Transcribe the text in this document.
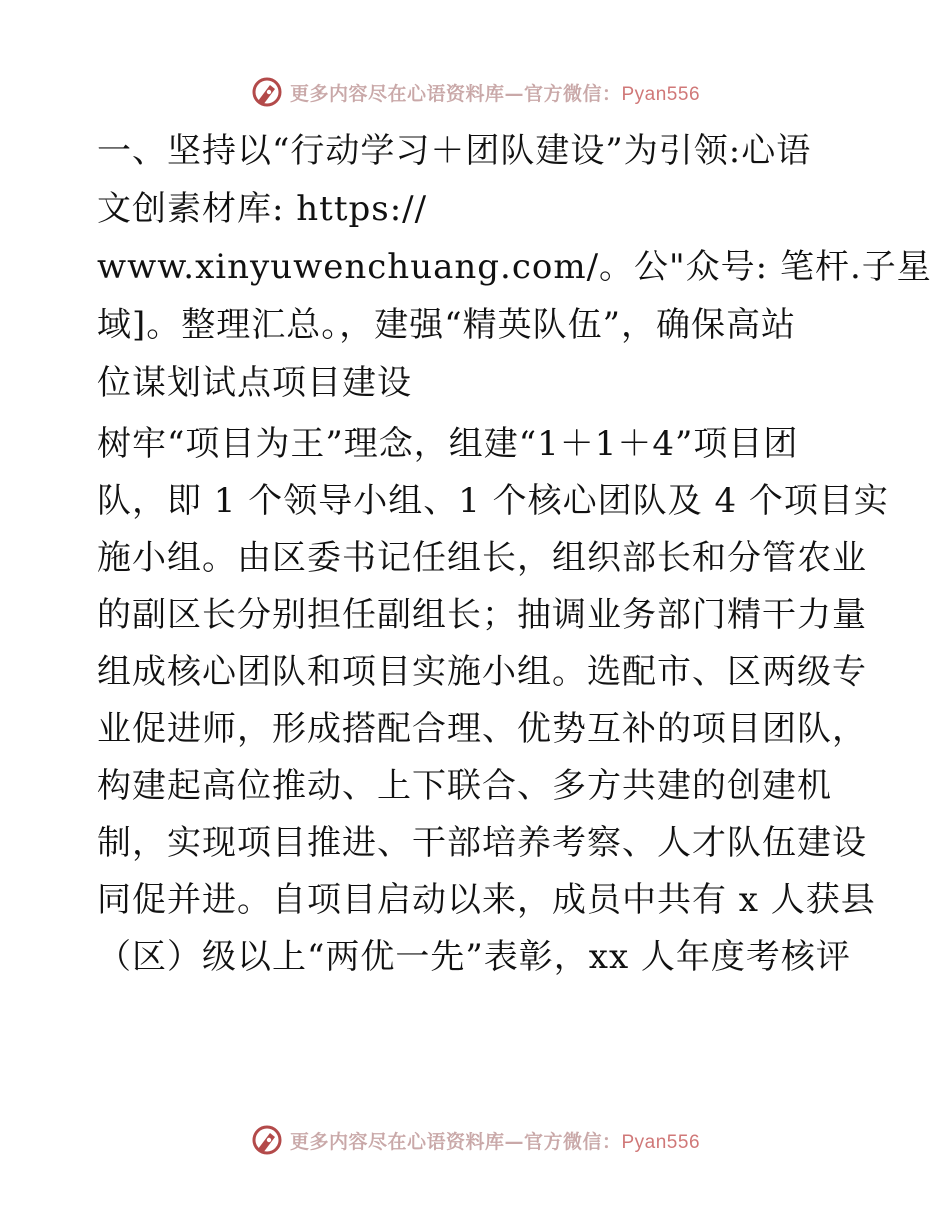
更多内容尽在心语资料库—官方微信：Pyan556
一、坚持以“行动学习＋团队建设”为引领:心语
文创素材库: https://
www.xinyuwenchuang.com/。公"众号: 笔杆.子星
域]。整理汇总。，建强“精英队伍”，确保高站
位谋划试点项目建设
树牢“项目为王”理念，组建“1＋1＋4”项目团
队，即 1 个领导小组、1 个核心团队及 4 个项目实
施小组。由区委书记任组长，组织部长和分管农业
的副区长分别担任副组长；抽调业务部门精干力量
组成核心团队和项目实施小组。选配市、区两级专
业促进师，形成搭配合理、优势互补的项目团队，
构建起高位推动、上下联合、多方共建的创建机
制，实现项目推进、干部培养考察、人才队伍建设
同促并进。自项目启动以来，成员中共有 x 人获县
（区）级以上“两优一先”表彰，xx 人年度考核评
更多内容尽在心语资料库—官方微信：Pyan556
